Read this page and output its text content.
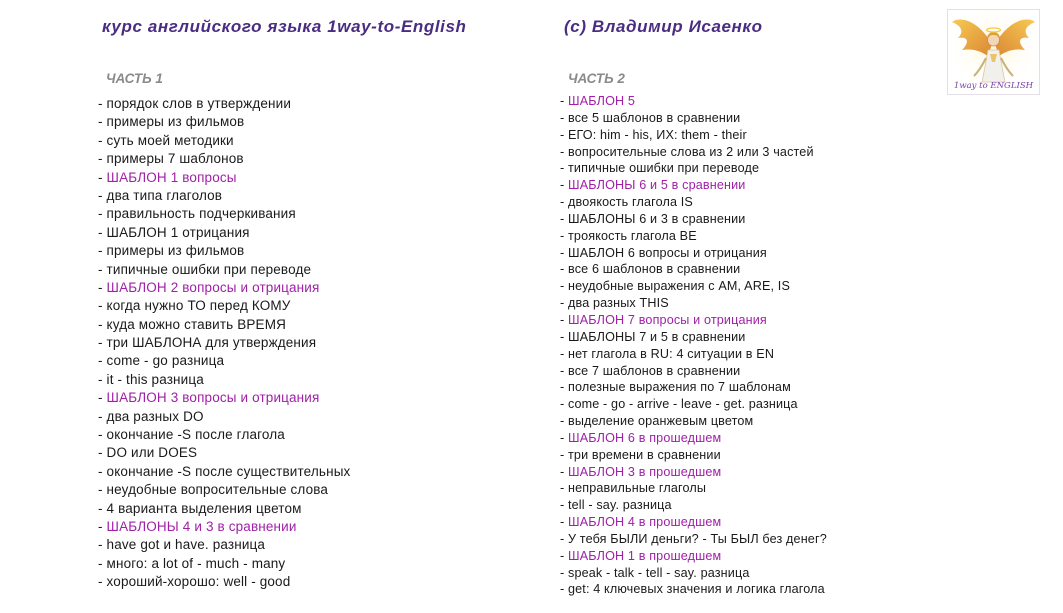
курс английского языка 1way-to-English	(с) Владимир Исаенко
1way to ENGLISH
ЧАСТЬ 1
- порядок слов в утверждении
- примеры из фильмов
- суть моей методики
- примеры 7 шаблонов
- ШАБЛОН 1 вопросы
- два типа глаголов
- правильность подчеркивания
- ШАБЛОН 1 отрицания
- примеры из фильмов
- типичные ошибки при переводе
- ШАБЛОН 2 вопросы и отрицания
- когда нужно ТО перед КОМУ
- куда можно ставить ВРЕМЯ
- три ШАБЛОНА для утверждения
- come - go разница
- it - this разница
- ШАБЛОН 3 вопросы и отрицания
- два разных DO
- окончание -S после глагола
- DO или DOES
- окончание -S после существительных
- неудобные вопросительные слова
- 4 варианта выделения цветом
- ШАБЛОНЫ 4 и 3 в сравнении
- have got и have. разница
- много: a lot of - much - many
- хороший-хорошо: well - good
ЧАСТЬ 2
- ШАБЛОН 5
- все 5 шаблонов в сравнении
- ЕГО: him - his, ИХ: them - their
- вопросительные слова из 2 или 3 частей
- типичные ошибки при переводе
- ШАБЛОНЫ 6 и 5 в сравнении
- двоякость глагола IS
- ШАБЛОНЫ 6 и 3 в сравнении
- троякость глагола BE
- ШАБЛОН 6 вопросы и отрицания
- все 6 шаблонов в сравнении
- неудобные выражения с AM, ARE, IS
- два разных THIS
- ШАБЛОН 7 вопросы и отрицания
- ШАБЛОНЫ 7 и 5 в сравнении
- нет глагола в RU: 4 ситуации в EN
- все 7 шаблонов в сравнении
- полезные выражения по 7 шаблонам
- come - go - arrive - leave - get. разница
- выделение оранжевым цветом
- ШАБЛОН 6 в прошедшем
- три времени в сравнении
- ШАБЛОН 3 в прошедшем
- неправильные глаголы
- tell - say. разница
- ШАБЛОН 4 в прошедшем
- У тебя БЫЛИ деньги? - Ты БЫЛ без денег?
- ШАБЛОН 1 в прошедшем
- speak - talk - tell - say. разница
- get: 4 ключевых значения и логика глагола
